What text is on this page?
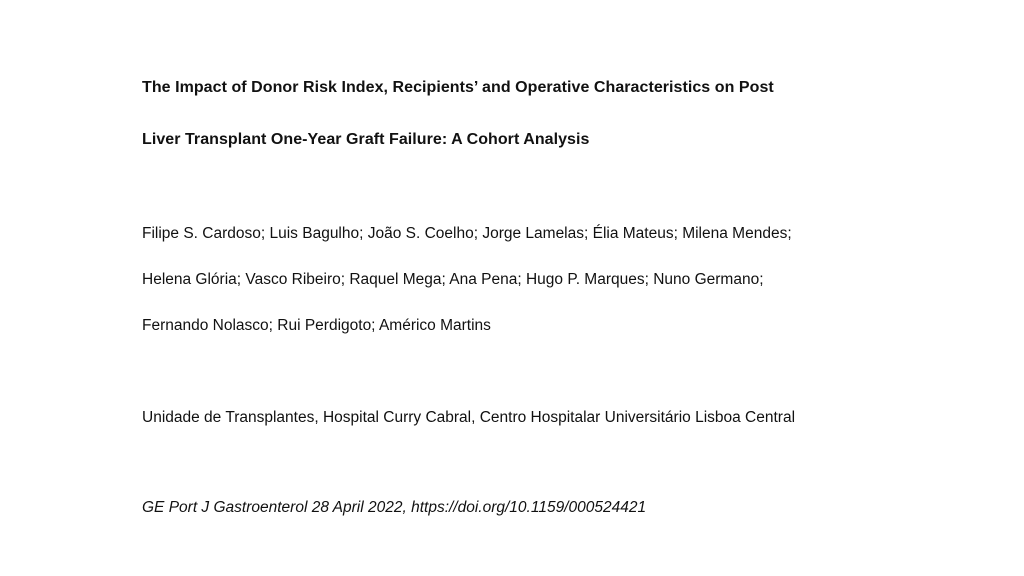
The Impact of Donor Risk Index, Recipients’ and Operative Characteristics on Post
Liver Transplant One-Year Graft Failure: A Cohort Analysis
Filipe S. Cardoso; Luis Bagulho; João S. Coelho; Jorge Lamelas; Élia Mateus; Milena Mendes;
Helena Glória; Vasco Ribeiro; Raquel Mega; Ana Pena; Hugo P. Marques; Nuno Germano;
Fernando Nolasco; Rui Perdigoto; Américo Martins
Unidade de Transplantes, Hospital Curry Cabral, Centro Hospitalar Universitário Lisboa Central
GE Port J Gastroenterol 28 April 2022, https://doi.org/10.1159/000524421
